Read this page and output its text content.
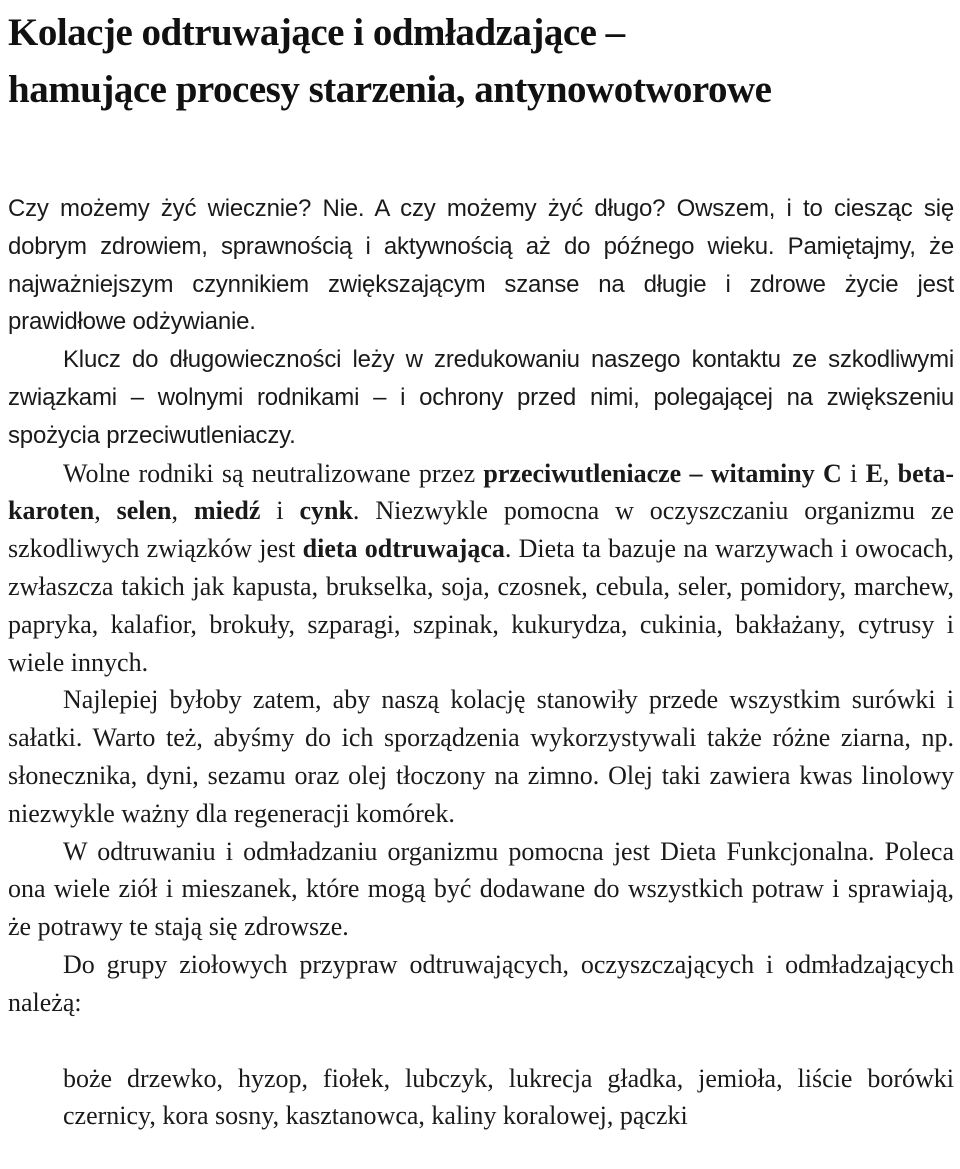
Kolacje odtruwające i odmładzające –
hamujące procesy starzenia, antynowotworowe

Czy możemy żyć wiecznie? Nie. A czy możemy żyć długo? Owszem, i to ciesząc się dobrym zdrowiem, sprawnością i aktywnością aż do późnego wieku. Pamiętajmy, że najważniejszym czynnikiem zwiększającym szanse na długie i zdrowe życie jest prawidłowe odżywianie.

Klucz do długowieczności leży w zredukowaniu naszego kontaktu ze szkodliwymi związkami – wolnymi rodnikami – i ochrony przed nimi, polegającej na zwiększeniu spożycia przeciwutleniaczy.

Wolne rodniki są neutralizowane przez przeciwutleniacze – witaminy C i E, beta-karoten, selen, miedź i cynk. Niezwykle pomocna w oczyszczaniu organizmu ze szkodliwych związków jest dieta odtruwająca. Dieta ta bazuje na warzywach i owocach, zwłaszcza takich jak kapusta, brukselka, soja, czosnek, cebula, seler, pomidory, marchew, papryka, kalafior, brokuły, szparagi, szpinak, kukurydza, cukinia, bakłażany, cytrusy i wiele innych.

Najlepiej byłoby zatem, aby naszą kolację stanowiły przede wszystkim surówki i sałatki. Warto też, abyśmy do ich sporządzenia wykorzystywali także różne ziarna, np. słonecznika, dyni, sezamu oraz olej tłoczony na zimno. Olej taki zawiera kwas linolowy niezwykle ważny dla regeneracji komórek.

W odtruwaniu i odmładzaniu organizmu pomocna jest Dieta Funkcjonalna. Poleca ona wiele ziół i mieszanek, które mogą być dodawane do wszystkich potraw i sprawiają, że potrawy te stają się zdrowsze.

Do grupy ziołowych przypraw odtruwających, oczyszczających i odmładzających należą:

boże drzewko, hyzop, fiołek, lubczyk, lukrecja gładka, jemioła, liście borówki czernicy, kora sosny, kasztanowca, kaliny koralowej, pączki
